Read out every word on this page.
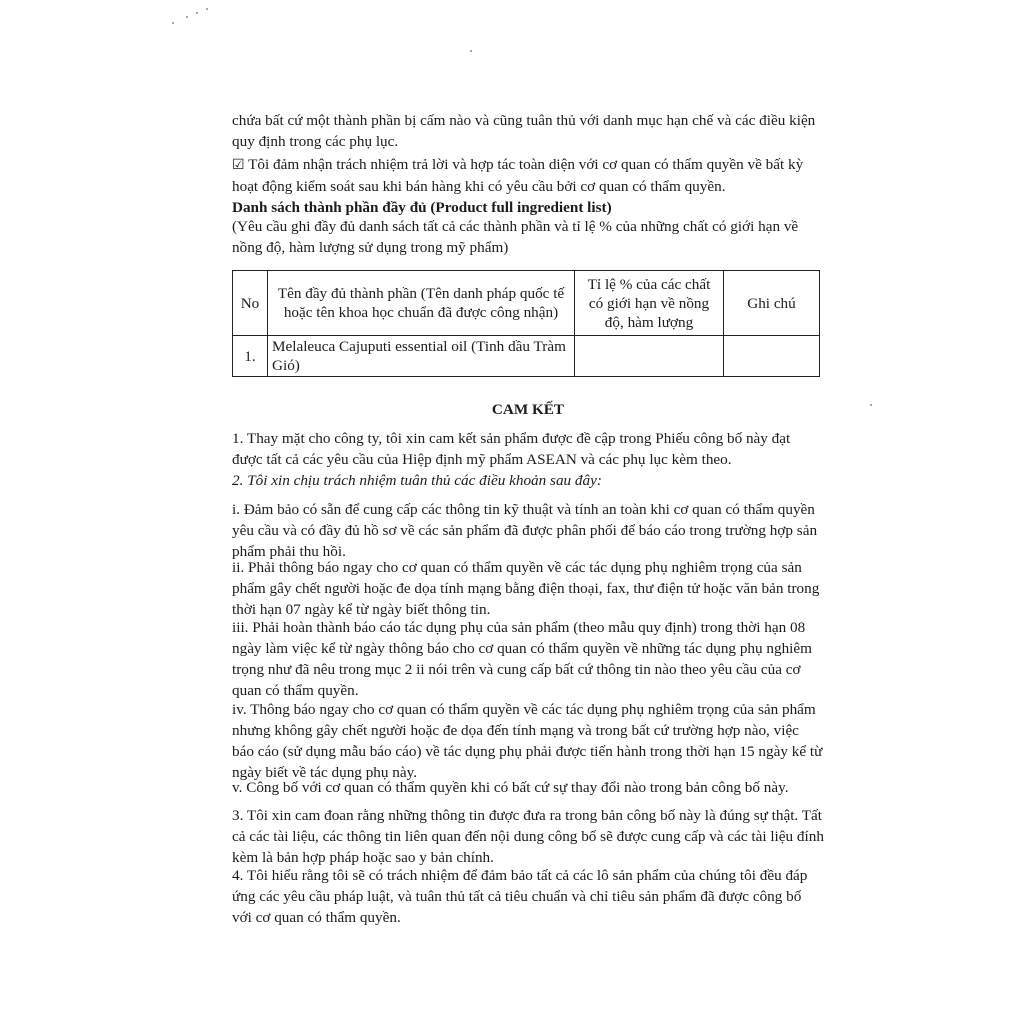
chứa bất cứ một thành phần bị cấm nào và cũng tuân thủ với danh mục hạn chế và các điều kiện quy định trong các phụ lục.

☑ Tôi đảm nhận trách nhiệm trả lời và hợp tác toàn diện với cơ quan có thẩm quyền về bất kỳ hoạt động kiểm soát sau khi bán hàng khi có yêu cầu bởi cơ quan có thẩm quyền.

Danh sách thành phần đầy đủ (Product full ingredient list)

(Yêu cầu ghi đầy đủ danh sách tất cả các thành phần và tỉ lệ % của những chất có giới hạn về nồng độ, hàm lượng sử dụng trong mỹ phẩm)

No	Tên đầy đủ thành phần (Tên danh pháp quốc tế hoặc tên khoa học chuẩn đã được công nhận)	Tỉ lệ % của các chất có giới hạn về nồng độ, hàm lượng	Ghi chú
1.	Melaleuca Cajuputi essential oil (Tinh dầu Tràm Gió)		

CAM KẾT

1. Thay mặt cho công ty, tôi xin cam kết sản phẩm được đề cập trong Phiếu công bố này đạt được tất cả các yêu cầu của Hiệp định mỹ phẩm ASEAN và các phụ lục kèm theo.

2. Tôi xin chịu trách nhiệm tuân thủ các điều khoản sau đây:

i. Đảm bảo có sẵn để cung cấp các thông tin kỹ thuật và tính an toàn khi cơ quan có thẩm quyền yêu cầu và có đầy đủ hồ sơ về các sản phẩm đã được phân phối để báo cáo trong trường hợp sản phẩm phải thu hồi.

ii. Phải thông báo ngay cho cơ quan có thẩm quyền về các tác dụng phụ nghiêm trọng của sản phẩm gây chết người hoặc đe dọa tính mạng bằng điện thoại, fax, thư điện tử hoặc văn bản trong thời hạn 07 ngày kể từ ngày biết thông tin.

iii. Phải hoàn thành báo cáo tác dụng phụ của sản phẩm (theo mẫu quy định) trong thời hạn 08 ngày làm việc kể từ ngày thông báo cho cơ quan có thẩm quyền về những tác dụng phụ nghiêm trọng như đã nêu trong mục 2 ii nói trên và cung cấp bất cứ thông tin nào theo yêu cầu của cơ quan có thẩm quyền.

iv. Thông báo ngay cho cơ quan có thẩm quyền về các tác dụng phụ nghiêm trọng của sản phẩm nhưng không gây chết người hoặc đe dọa đến tính mạng và trong bất cứ trường hợp nào, việc báo cáo (sử dụng mẫu báo cáo) về tác dụng phụ phải được tiến hành trong thời hạn 15 ngày kể từ ngày biết về tác dụng phụ này.

v. Công bố với cơ quan có thẩm quyền khi có bất cứ sự thay đổi nào trong bản công bố này.

3. Tôi xin cam đoan rằng những thông tin được đưa ra trong bản công bố này là đúng sự thật. Tất cả các tài liệu, các thông tin liên quan đến nội dung công bố sẽ được cung cấp và các tài liệu đính kèm là bản hợp pháp hoặc sao y bản chính.

4. Tôi hiểu rằng tôi sẽ có trách nhiệm để đảm bảo tất cả các lô sản phẩm của chúng tôi đều đáp ứng các yêu cầu pháp luật, và tuân thủ tất cả tiêu chuẩn và chỉ tiêu sản phẩm đã được công bố với cơ quan có thẩm quyền.
